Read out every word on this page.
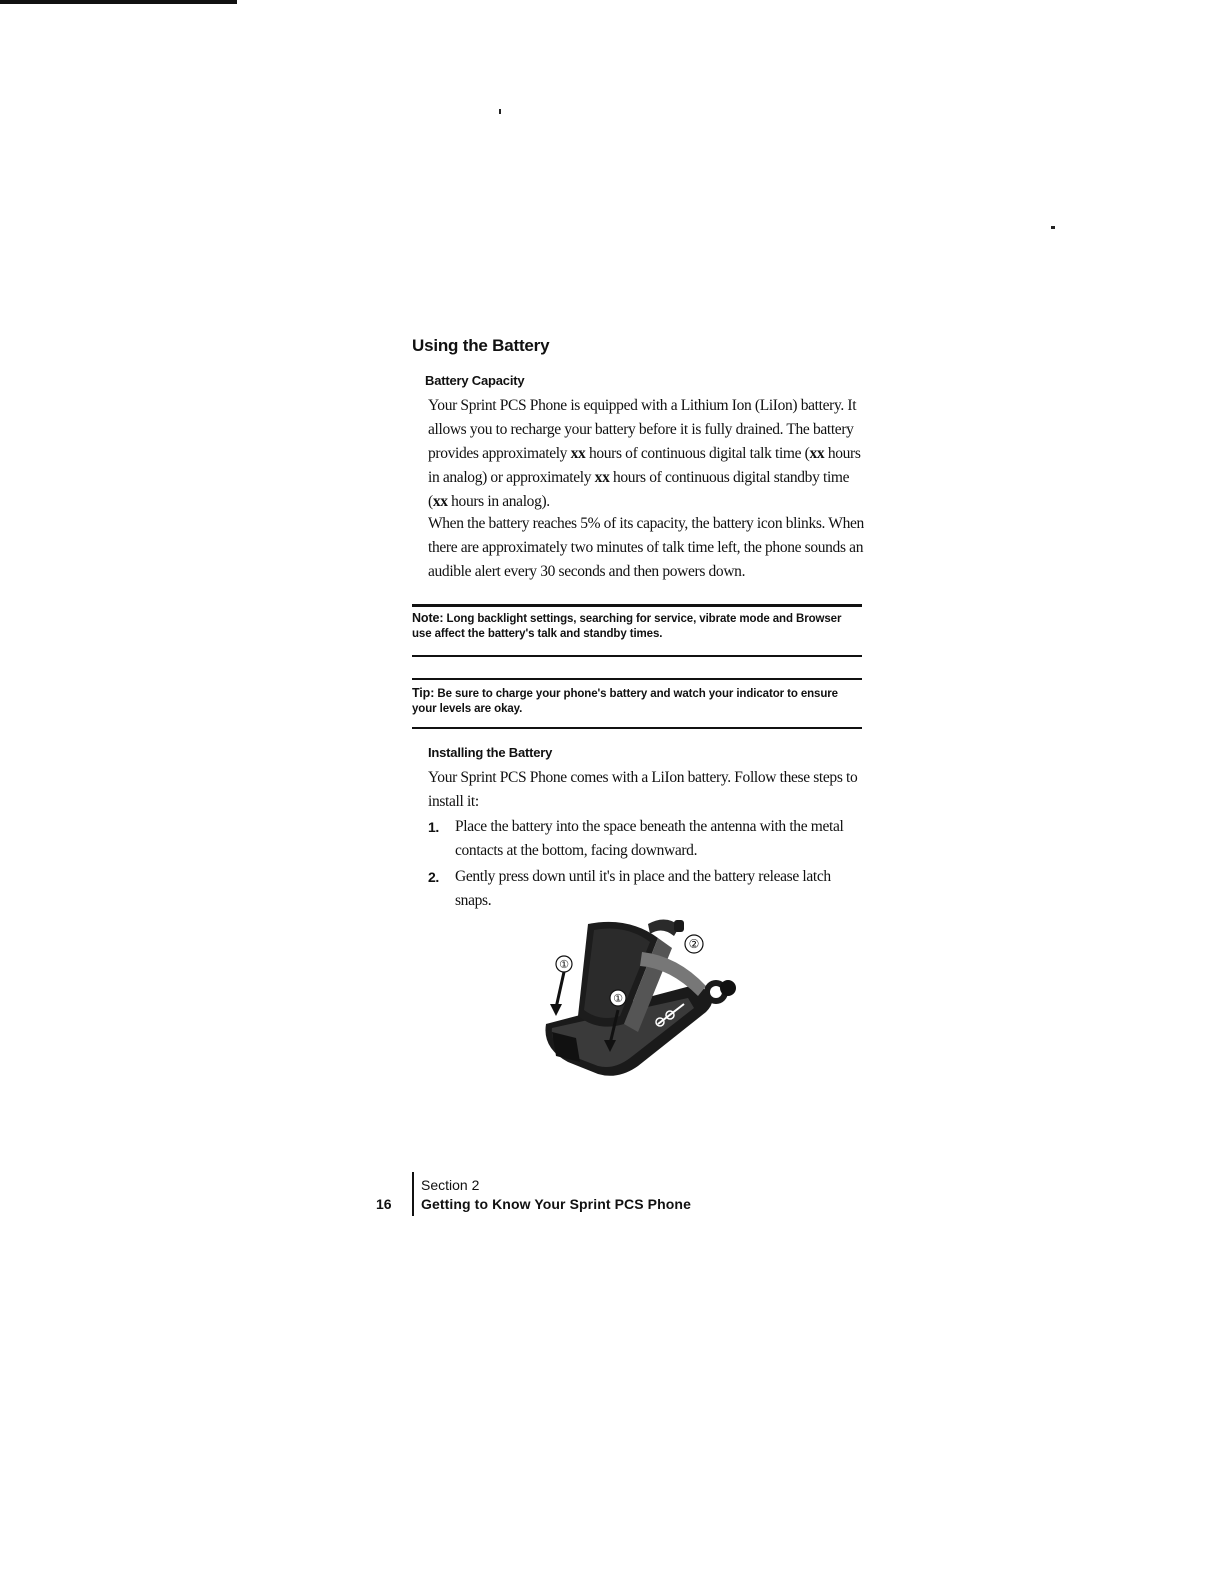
Using the Battery
Battery Capacity

Your Sprint PCS Phone is equipped with a Lithium Ion (LiIon) battery. It allows you to recharge your battery before it is fully drained. The battery provides approximately xx hours of continuous digital talk time (xx hours in analog) or approximately xx hours of continuous digital standby time (xx hours in analog).

When the battery reaches 5% of its capacity, the battery icon blinks. When there are approximately two minutes of talk time left, the phone sounds an audible alert every 30 seconds and then powers down.

Note: Long backlight settings, searching for service, vibrate mode and Browser use affect the battery's talk and standby times.
Tip: Be sure to charge your phone's battery and watch your indicator to ensure your levels are okay.
Installing the Battery

Your Sprint PCS Phone comes with a LiIon battery. Follow these steps to install it:

1. Place the battery into the space beneath the antenna with the metal contacts at the bottom, facing downward.
2. Gently press down until it's in place and the battery release latch snaps.
①
①
②
16
Section 2
Getting to Know Your Sprint PCS Phone
